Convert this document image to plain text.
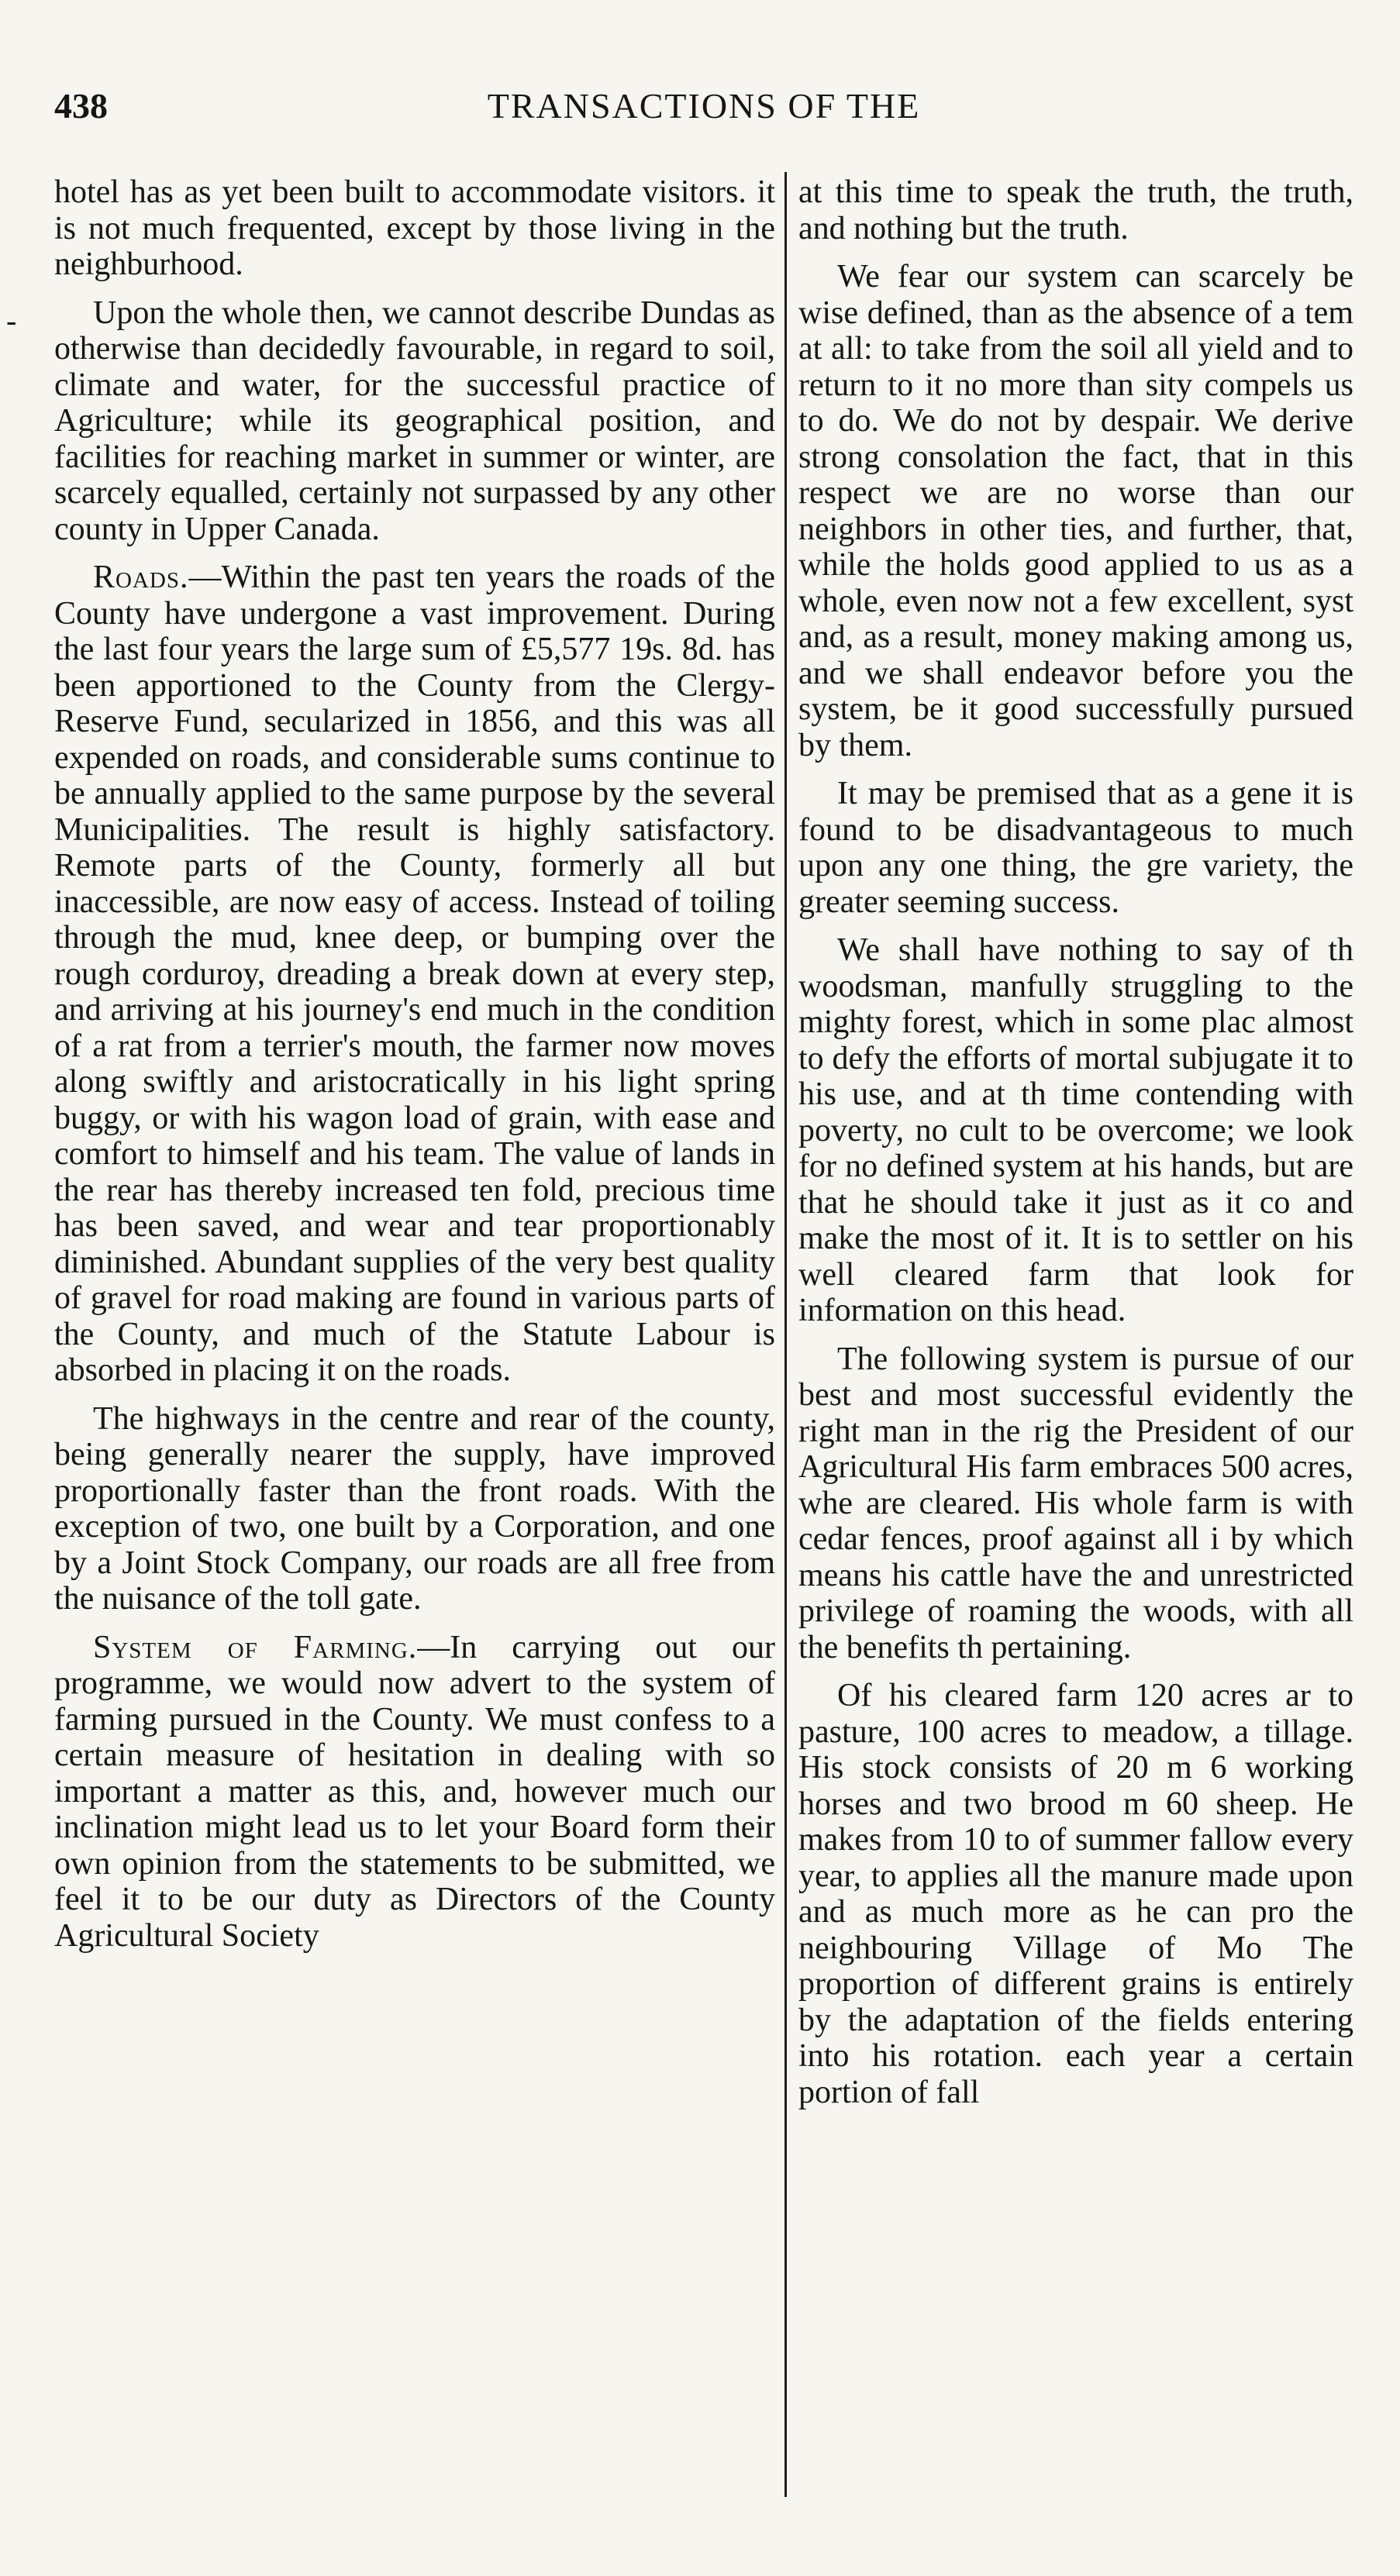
438	TRANSACTIONS OF THE
-

hotel has as yet been built to accommodate visitors. it is not much frequented, except by those living in the neighburhood.

Upon the whole then, we cannot describe Dundas as otherwise than decidedly favourable, in regard to soil, climate and water, for the successful practice of Agriculture; while its geographical position, and facilities for reaching market in summer or winter, are scarcely equalled, certainly not surpassed by any other county in Upper Canada.

Roads.—Within the past ten years the roads of the County have undergone a vast improvement. During the last four years the large sum of £5,577 19s. 8d. has been apportioned to the County from the Clergy-Reserve Fund, secularized in 1856, and this was all expended on roads, and considerable sums continue to be annually applied to the same purpose by the several Municipalities. The result is highly satisfactory. Remote parts of the County, formerly all but inaccessible, are now easy of access. Instead of toiling through the mud, knee deep, or bumping over the rough corduroy, dreading a break down at every step, and arriving at his journey's end much in the condition of a rat from a terrier's mouth, the farmer now moves along swiftly and aristocratically in his light spring buggy, or with his wagon load of grain, with ease and comfort to himself and his team. The value of lands in the rear has thereby increased ten fold, precious time has been saved, and wear and tear proportionably diminished. Abundant supplies of the very best quality of gravel for road making are found in various parts of the County, and much of the Statute Labour is absorbed in placing it on the roads.

The highways in the centre and rear of the county, being generally nearer the supply, have improved proportionally faster than the front roads. With the exception of two, one built by a Corporation, and one by a Joint Stock Company, our roads are all free from the nuisance of the toll gate.

System of Farming.—In carrying out our programme, we would now advert to the system of farming pursued in the County. We must confess to a certain measure of hesitation in dealing with so important a matter as this, and, however much our inclination might lead us to let your Board form their own opinion from the statements to be submitted, we feel it to be our duty as Directors of the County Agricultural Society

at this time to speak the truth, the truth, and nothing but the truth.

We fear our system can scarcely be wise defined, than as the absence of a tem at all: to take from the soil all yield and to return to it no more than sity compels us to do. We do not by despair. We derive strong consolation the fact, that in this respect we are no worse than our neighbors in other ties, and further, that, while the holds good applied to us as a whole, even now not a few excellent, syst and, as a result, money making among us, and we shall endeavor before you the system, be it good successfully pursued by them.

It may be premised that as a gene it is found to be disadvantageous to much upon any one thing, the gre variety, the greater seeming success.

We shall have nothing to say of th woodsman, manfully struggling to the mighty forest, which in some plac almost to defy the efforts of mortal subjugate it to his use, and at th time contending with poverty, no cult to be overcome; we look for no defined system at his hands, but are that he should take it just as it co and make the most of it. It is to settler on his well cleared farm that look for information on this head.

The following system is pursue of our best and most successful evidently the right man in the rig the President of our Agricultural His farm embraces 500 acres, whe are cleared. His whole farm is with cedar fences, proof against all i by which means his cattle have the and unrestricted privilege of roaming the woods, with all the benefits th pertaining.

Of his cleared farm 120 acres ar to pasture, 100 acres to meadow, a tillage. His stock consists of 20 m 6 working horses and two brood m 60 sheep. He makes from 10 to of summer fallow every year, to applies all the manure made upon and as much more as he can pro the neighbouring Village of Mo The proportion of different grains is entirely by the adaptation of the fields entering into his rotation. each year a certain portion of fall
